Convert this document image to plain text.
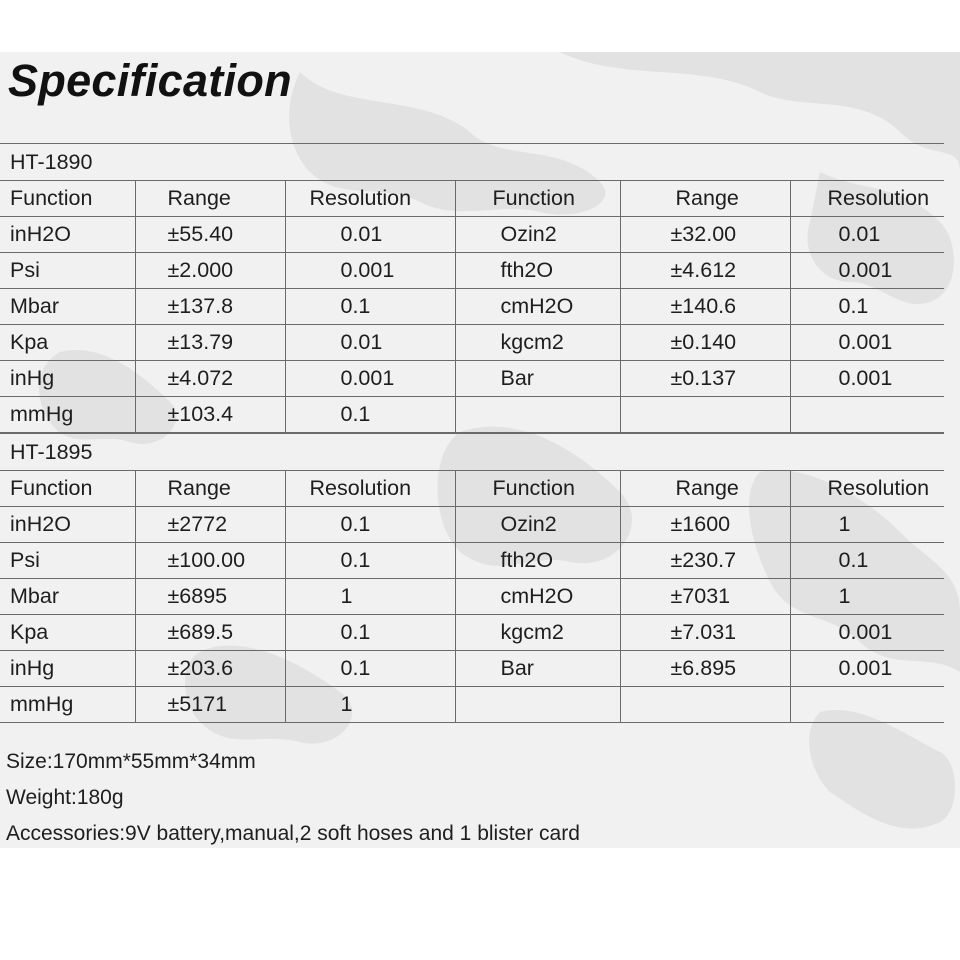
Specification
HT-1890					
Function	Range	Resolution	Function	Range	Resolution
inH2O	±55.40	0.01	Ozin2	±32.00	0.01
Psi	±2.000	0.001	fth2O	±4.612	0.001
Mbar	±137.8	0.1	cmH2O	±140.6	0.1
Kpa	±13.79	0.01	kgcm2	±0.140	0.001
inHg	±4.072	0.001	Bar	±0.137	0.001
mmHg	±103.4	0.1			
HT-1895					
Function	Range	Resolution	Function	Range	Resolution
inH2O	±2772	0.1	Ozin2	±1600	1
Psi	±100.00	0.1	fth2O	±230.7	0.1
Mbar	±6895	1	cmH2O	±7031	1
Kpa	±689.5	0.1	kgcm2	±7.031	0.001
inHg	±203.6	0.1	Bar	±6.895	0.001
mmHg	±5171	1			
Size:170mm*55mm*34mm
Weight:180g
Accessories:9V battery,manual,2 soft hoses and 1 blister card
